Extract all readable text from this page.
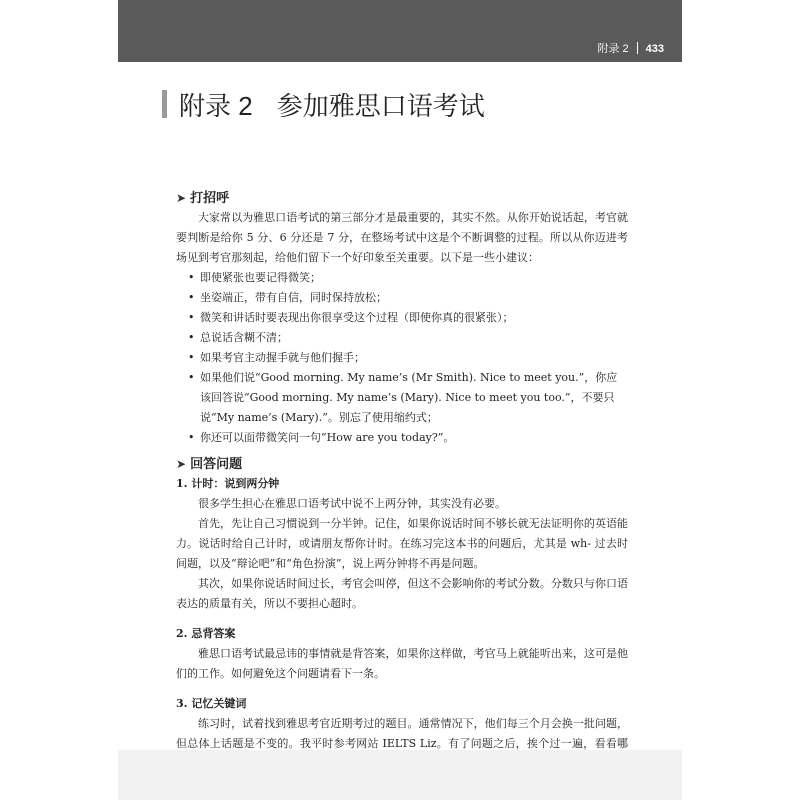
附录 2 433
附录 2 参加雅思口语考试
➤ 打招呼

大家常以为雅思口语考试的第三部分才是最重要的，其实不然。从你开始说话起，考官就要判断是给你 5 分、6 分还是 7 分，在整场考试中这是个不断调整的过程。所以从你迈进考场见到考官那刻起，给他们留下一个好印象至关重要。以下是一些小建议：

• 即使紧张也要记得微笑；
• 坐姿端正，带有自信，同时保持放松；
• 微笑和讲话时要表现出你很享受这个过程（即使你真的很紧张）；
• 总说话含糊不清；
• 如果考官主动握手就与他们握手；
• 如果他们说“Good morning. My name’s (Mr Smith). Nice to meet you.”，你应该回答说“Good morning. My name’s (Mary). Nice to meet you too.”，不要只说“My name’s (Mary).”。别忘了使用缩约式；
• 你还可以面带微笑问一句“How are you today?”。
➤ 回答问题
1. 计时：说到两分钟

很多学生担心在雅思口语考试中说不上两分钟，其实没有必要。

首先，先让自己习惯说到一分半钟。记住，如果你说话时间不够长就无法证明你的英语能力。说话时给自己计时，或请朋友帮你计时。在练习完这本书的问题后，尤其是 wh- 过去时间题，以及“辩论吧”和“角色扮演”，说上两分钟将不再是问题。

其次，如果你说话时间过长，考官会叫停，但这不会影响你的考试分数。分数只与你口语表达的质量有关，所以不要担心超时。

2. 忌背答案

雅思口语考试最忌讳的事情就是背答案，如果你这样做，考官马上就能听出来，这可是他们的工作。如何避免这个问题请看下一条。

3. 记忆关键词

练习时，试着找到雅思考官近期考过的题目。通常情况下，他们每三个月会换一批问题，但总体上话题是不变的。我平时参考网站 IELTS Liz。有了问题之后，挨个过一遍，看看哪
